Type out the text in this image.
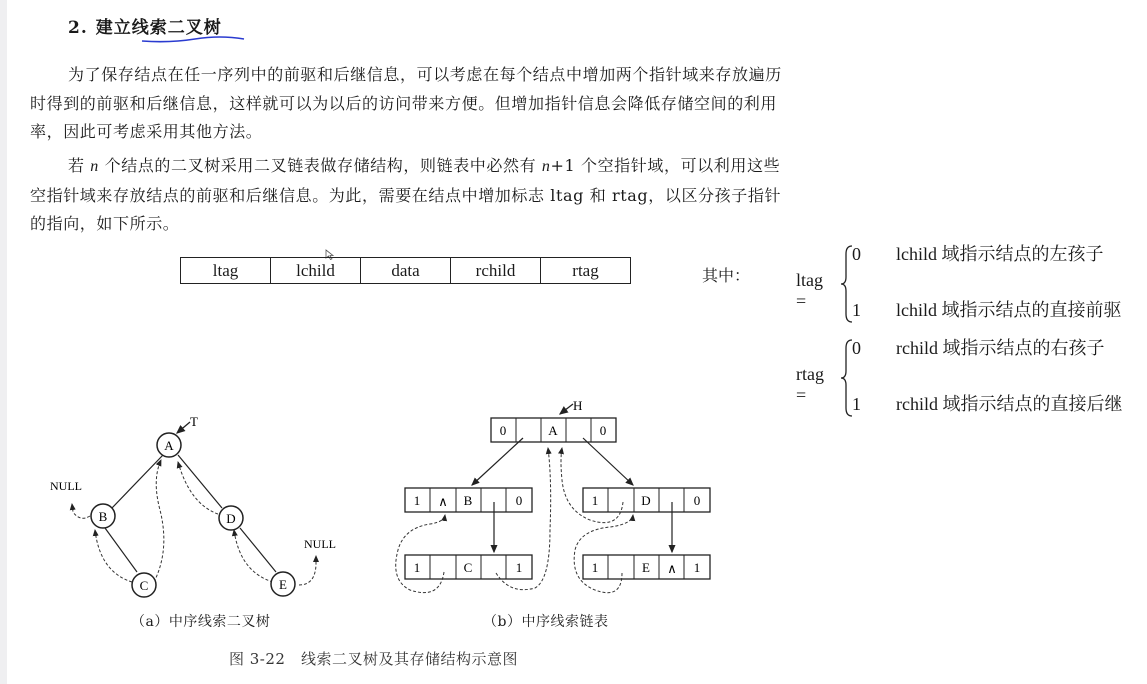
2. 建立线索二叉树
为了保存结点在任一序列中的前驱和后继信息，可以考虑在每个结点中增加两个指针域来存放遍历时得到的前驱和后继信息，这样就可以为以后的访问带来方便。但增加指针信息会降低存储空间的利用率，因此可考虑采用其他方法。
若 n 个结点的二叉树采用二叉链表做存储结构，则链表中必然有 n+1 个空指针域，可以利用这些空指针域来存放结点的前驱和后继信息。为此，需要在结点中增加标志 ltag 和 rtag，以区分孩子指针的指向，如下所示。
ltag	lchild	data	rchild	rtag	其中：	ltag =
0 lchild 域指示结点的左孩子
1 lchild 域指示结点的直接前驱
rtag =
0 rchild 域指示结点的右孩子
1 rchild 域指示结点的直接后继
T
NULL
NULL
A
B
C
D
E
（a）中序线索二叉树
H
0	A	0
1 ∧ B	0	1	D	0
1	C	1	1	E ∧ 1
（b）中序线索链表
图 3-22　线索二叉树及其存储结构示意图
